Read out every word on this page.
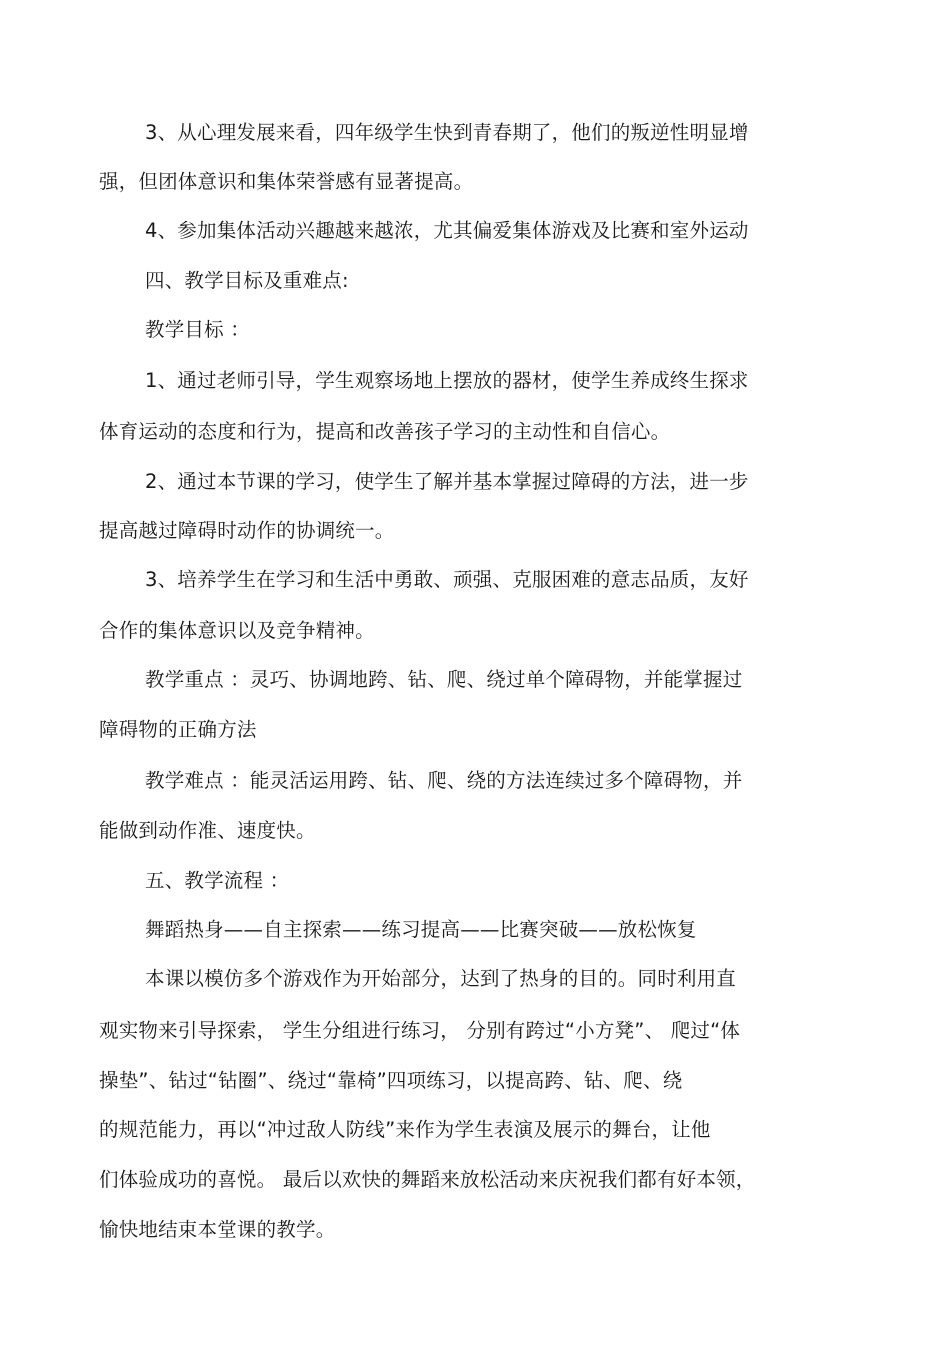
3、从心理发展来看，四年级学生快到青春期了，他们的叛逆性明显增
强，但团体意识和集体荣誉感有显著提高。
4、参加集体活动兴趣越来越浓，尤其偏爱集体游戏及比赛和室外运动
四、教学目标及重难点:
教学目标 ：
1、通过老师引导，学生观察场地上摆放的器材，使学生养成终生探求
体育运动的态度和行为，提高和改善孩子学习的主动性和自信心。
2、通过本节课的学习，使学生了解并基本掌握过障碍的方法，进一步
提高越过障碍时动作的协调统一。
3、培养学生在学习和生活中勇敢、顽强、克服困难的意志品质，友好
合作的集体意识以及竞争精神。
教学重点 ：灵巧、协调地跨、钻、爬、绕过单个障碍物，并能掌握过
障碍物的正确方法
教学难点 ：能灵活运用跨、钻、爬、绕的方法连续过多个障碍物，并
能做到动作准、速度快。
五、教学流程 ：
舞蹈热身——自主探索——练习提高——比赛突破——放松恢复
本课以模仿多个游戏作为开始部分，达到了热身的目的。同时利用直
观实物来引导探索， 学生分组进行练习， 分别有跨过“小方凳”、 爬过“体
操垫”、钻过“钻圈”、绕过“靠椅”四项练习，以提高跨、钻、爬、绕
的规范能力，再以“冲过敌人防线”来作为学生表演及展示的舞台，让他
们体验成功的喜悦。 最后以欢快的舞蹈来放松活动来庆祝我们都有好本领，
愉快地结束本堂课的教学。
